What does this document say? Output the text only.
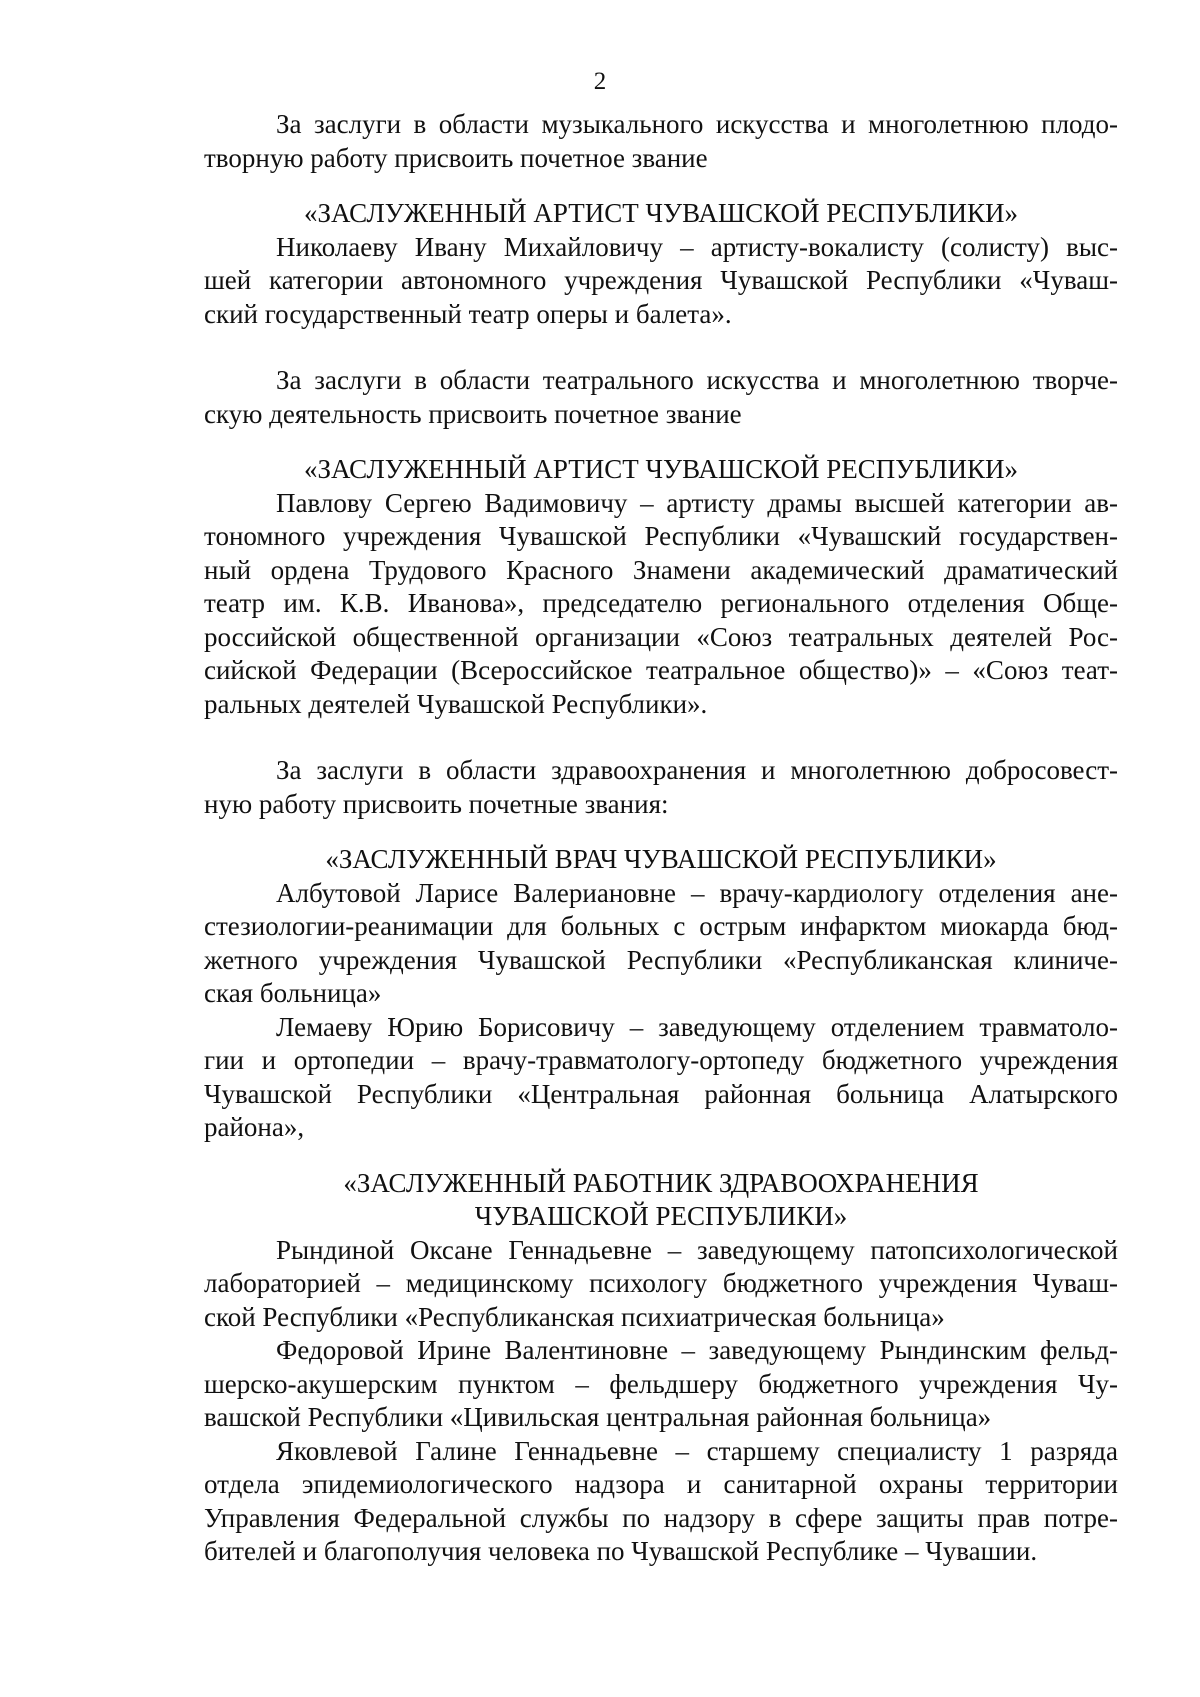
2
За заслуги в области музыкального искусства и многолетнюю плодо-
творную работу присвоить почетное звание
«ЗАСЛУЖЕННЫЙ АРТИСТ ЧУВАШСКОЙ РЕСПУБЛИКИ»
Николаеву Ивану Михайловичу – артисту-вокалисту (солисту) выс-
шей категории автономного учреждения Чувашской Республики «Чуваш-
ский государственный театр оперы и балета».
За заслуги в области театрального искусства и многолетнюю творче-
скую деятельность присвоить почетное звание
«ЗАСЛУЖЕННЫЙ АРТИСТ ЧУВАШСКОЙ РЕСПУБЛИКИ»
Павлову Сергею Вадимовичу – артисту драмы высшей категории ав-
тономного учреждения Чувашской Республики «Чувашский государствен-
ный ордена Трудового Красного Знамени академический драматический
театр им. К.В. Иванова», председателю регионального отделения Обще-
российской общественной организации «Союз театральных деятелей Рос-
сийской Федерации (Всероссийское театральное общество)» – «Союз теат-
ральных деятелей Чувашской Республики».
За заслуги в области здравоохранения и многолетнюю добросовест-
ную работу присвоить почетные звания:
«ЗАСЛУЖЕННЫЙ ВРАЧ ЧУВАШСКОЙ РЕСПУБЛИКИ»
Албутовой Ларисе Валериановне – врачу-кардиологу отделения ане-
стезиологии-реанимации для больных с острым инфарктом миокарда бюд-
жетного учреждения Чувашской Республики «Республиканская клиниче-
ская больница»
Лемаеву Юрию Борисовичу – заведующему отделением травматоло-
гии и ортопедии – врачу-травматологу-ортопеду бюджетного учреждения
Чувашской Республики «Центральная районная больница Алатырского
района»,
«ЗАСЛУЖЕННЫЙ РАБОТНИК ЗДРАВООХРАНЕНИЯ
ЧУВАШСКОЙ РЕСПУБЛИКИ»
Рындиной Оксане Геннадьевне – заведующему патопсихологической
лабораторией – медицинскому психологу бюджетного учреждения Чуваш-
ской Республики «Республиканская психиатрическая больница»
Федоровой Ирине Валентиновне – заведующему Рындинским фельд-
шерско-акушерским пунктом – фельдшеру бюджетного учреждения Чу-
вашской Республики «Цивильская центральная районная больница»
Яковлевой Галине Геннадьевне – старшему специалисту 1 разряда
отдела эпидемиологического надзора и санитарной охраны территории
Управления Федеральной службы по надзору в сфере защиты прав потре-
бителей и благополучия человека по Чувашской Республике – Чувашии.
